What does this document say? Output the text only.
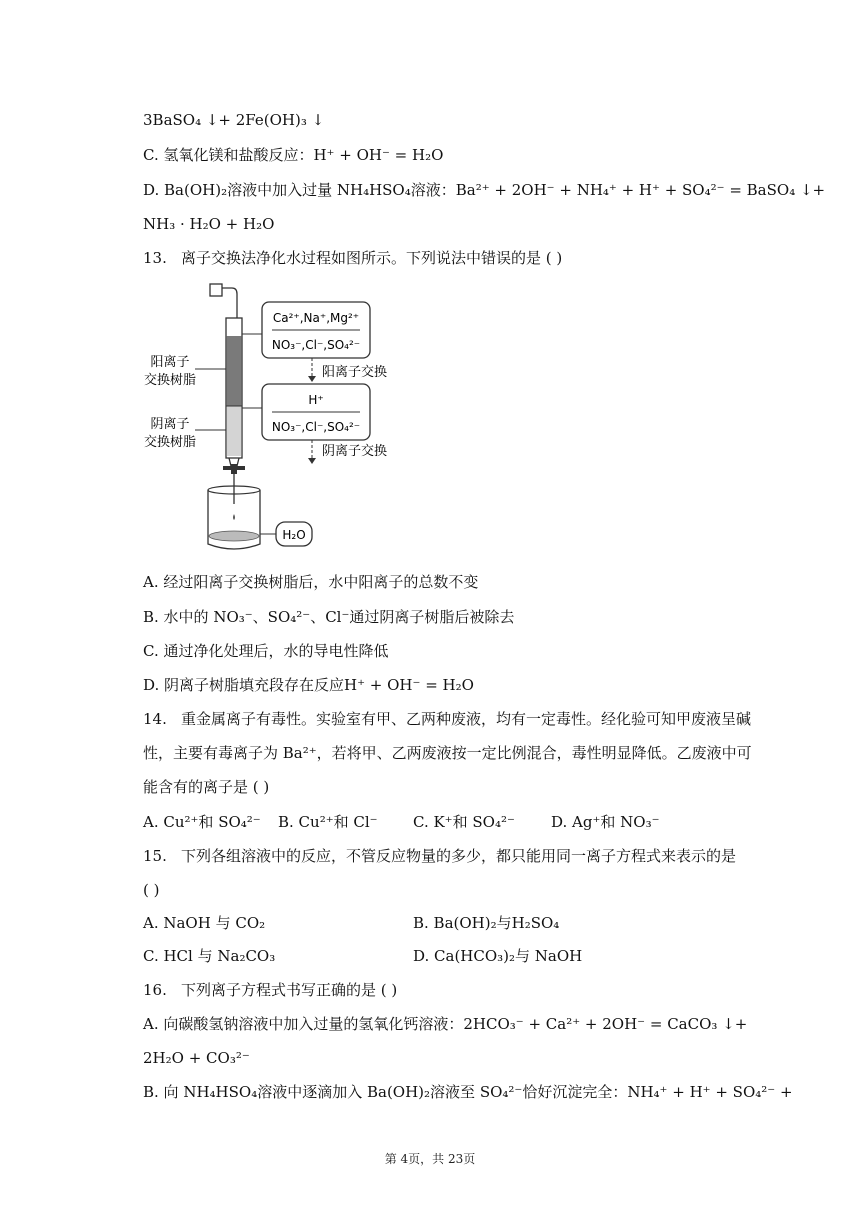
3BaSO₄ ↓+ 2Fe(OH)₃ ↓
C. 氢氧化镁和盐酸反应：H⁺ + OH⁻ = H₂O
D. Ba(OH)₂溶液中加入过量 NH₄HSO₄溶液：Ba²⁺ + 2OH⁻ + NH₄⁺ + H⁺ + SO₄²⁻ = BaSO₄ ↓+
NH₃ · H₂O + H₂O
13. 离子交换法净化水过程如图所示。下列说法中错误的是 ( )
Ca²⁺,Na⁺,Mg²⁺
NO₃⁻,Cl⁻,SO₄²⁻
阳离子交换
H⁺
NO₃⁻,Cl⁻,SO₄²⁻
阴离子交换
阳离子
交换树脂
阴离子
交换树脂
H₂O
A. 经过阳离子交换树脂后，水中阳离子的总数不变
B. 水中的 NO₃⁻、SO₄²⁻、Cl⁻通过阴离子树脂后被除去
C. 通过净化处理后，水的导电性降低
D. 阴离子树脂填充段存在反应H⁺ + OH⁻ = H₂O
14. 重金属离子有毒性。实验室有甲、乙两种废液，均有一定毒性。经化验可知甲废液呈碱
性，主要有毒离子为 Ba²⁺，若将甲、乙两废液按一定比例混合，毒性明显降低。乙废液中可
能含有的离子是 ( )
A. Cu²⁺和 SO₄²⁻ B. Cu²⁺和 Cl⁻ C. K⁺和 SO₄²⁻ D. Ag⁺和 NO₃⁻
15. 下列各组溶液中的反应，不管反应物量的多少，都只能用同一离子方程式来表示的是
( )
A. NaOH 与 CO₂	B. Ba(OH)₂与H₂SO₄
C. HCl 与 Na₂CO₃	D. Ca(HCO₃)₂与 NaOH
16. 下列离子方程式书写正确的是 ( )
A. 向碳酸氢钠溶液中加入过量的氢氧化钙溶液：2HCO₃⁻ + Ca²⁺ + 2OH⁻ = CaCO₃ ↓+
2H₂O + CO₃²⁻
B. 向 NH₄HSO₄溶液中逐滴加入 Ba(OH)₂溶液至 SO₄²⁻恰好沉淀完全：NH₄⁺ + H⁺ + SO₄²⁻ +
第 4页，共 23页
